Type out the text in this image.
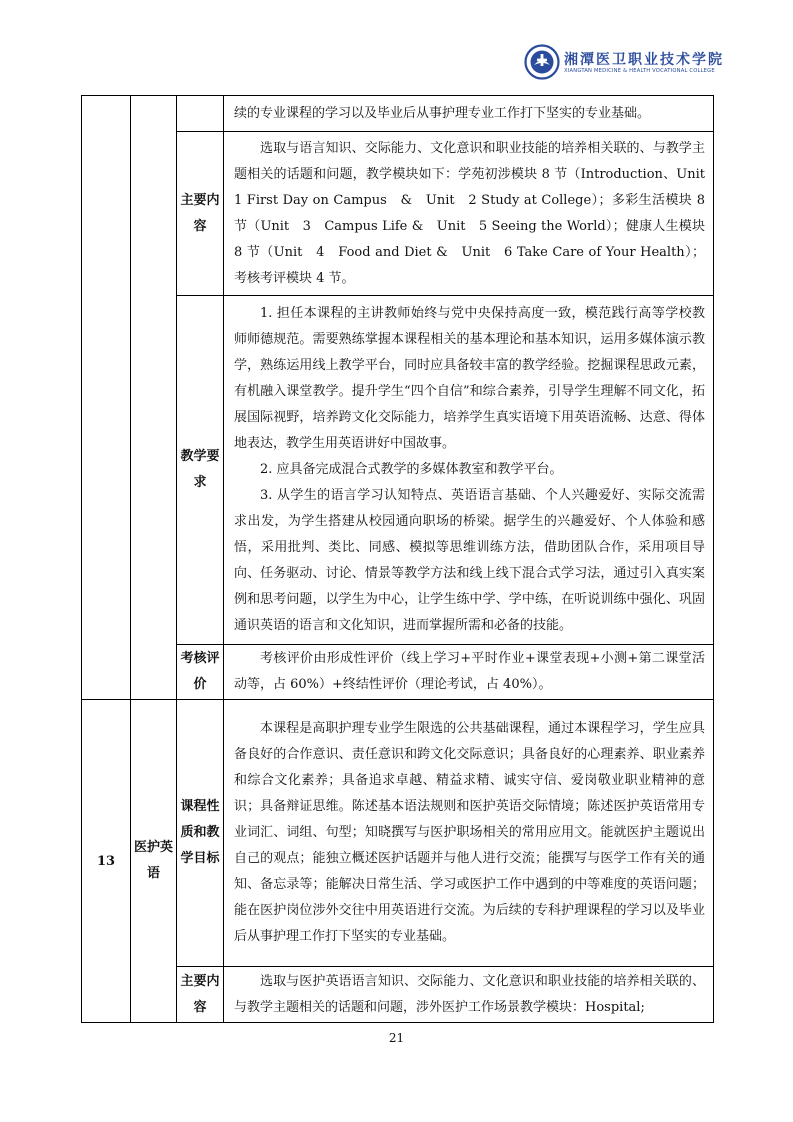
湘潭医卫职业技术学院
XIANGTAN MEDICINE & HEALTH VOCATIONAL COLLEGE

			续的专业课程的学习以及毕业后从事护理专业工作打下坚实的专业基础。

		主要内容	选取与语言知识、交际能力、文化意识和职业技能的培养相关联的、与教学主题相关的话题和问题，教学模块如下：学苑初涉模块 8 节（Introduction、Unit　1 First Day on Campus　&　Unit　2 Study at College）；多彩生活模块 8 节（Unit　3　Campus Life &　Unit　5 Seeing the World）；健康人生模块 8 节（Unit　4　Food and Diet &　Unit　6 Take Care of Your Health）；考核考评模块 4 节。

		教学要求	1. 担任本课程的主讲教师始终与党中央保持高度一致，模范践行高等学校教师师德规范。需要熟练掌握本课程相关的基本理论和基本知识，运用多媒体演示教学，熟练运用线上教学平台，同时应具备较丰富的教学经验。挖掘课程思政元素，有机融入课堂教学。提升学生“四个自信”和综合素养，引导学生理解不同文化，拓展国际视野，培养跨文化交际能力，培养学生真实语境下用英语流畅、达意、得体地表达，教学生用英语讲好中国故事。

2. 应具备完成混合式教学的多媒体教室和教学平台。

3. 从学生的语言学习认知特点、英语语言基础、个人兴趣爱好、实际交流需求出发，为学生搭建从校园通向职场的桥梁。据学生的兴趣爱好、个人体验和感悟，采用批判、类比、同感、模拟等思维训练方法，借助团队合作，采用项目导向、任务驱动、讨论、情景等教学方法和线上线下混合式学习法，通过引入真实案例和思考问题，以学生为中心，让学生练中学、学中练，在听说训练中强化、巩固通识英语的语言和文化知识，进而掌握所需和必备的技能。

		考核评价	考核评价由形成性评价（线上学习+平时作业+课堂表现+小测+第二课堂活动等，占 60%）+终结性评价（理论考试，占 40%）。

13	医护英语	课程性质和教学目标	本课程是高职护理专业学生限选的公共基础课程，通过本课程学习，学生应具备良好的合作意识、责任意识和跨文化交际意识；具备良好的心理素养、职业素养和综合文化素养；具备追求卓越、精益求精、诚实守信、爱岗敬业职业精神的意识；具备辩证思维。陈述基本语法规则和医护英语交际情境；陈述医护英语常用专业词汇、词组、句型；知晓撰写与医护职场相关的常用应用文。能就医护主题说出自己的观点；能独立概述医护话题并与他人进行交流；能撰写与医学工作有关的通知、备忘录等；能解决日常生活、学习或医护工作中遇到的中等难度的英语问题；能在医护岗位涉外交往中用英语进行交流。为后续的专科护理课程的学习以及毕业后从事护理工作打下坚实的专业基础。

		主要内容	选取与医护英语语言知识、交际能力、文化意识和职业技能的培养相关联的、与教学主题相关的话题和问题，涉外医护工作场景教学模块：Hospital;

21
